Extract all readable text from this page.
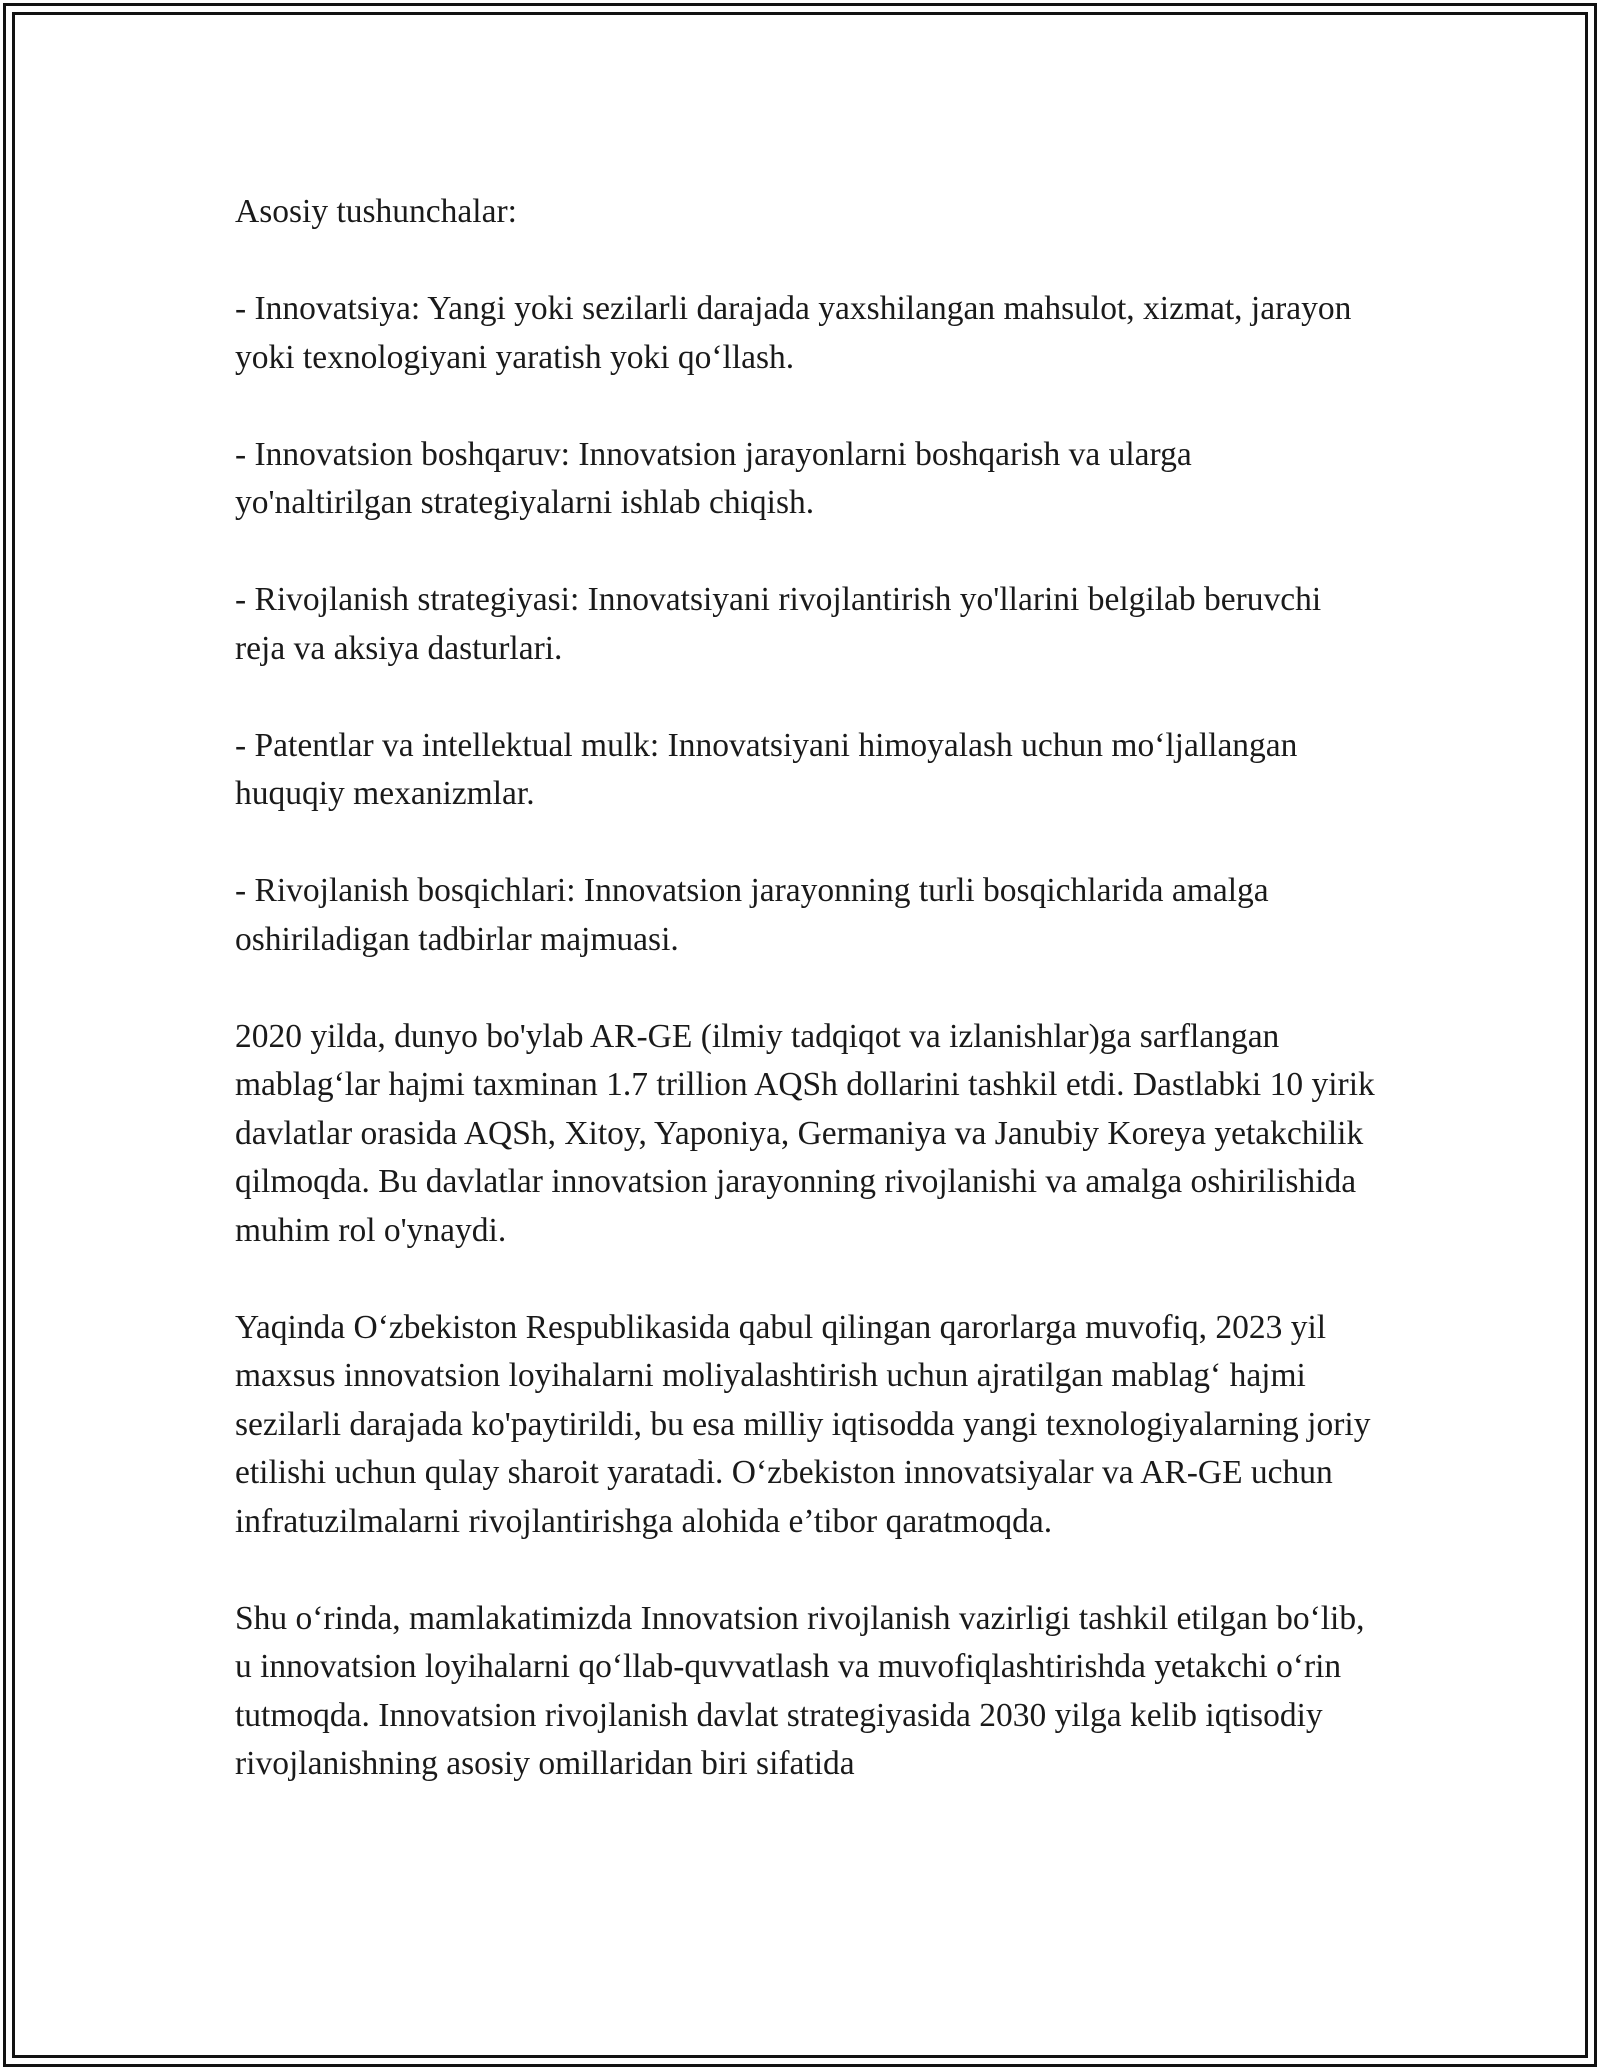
Asosiy tushunchalar:

- Innovatsiya: Yangi yoki sezilarli darajada yaxshilangan mahsulot, xizmat, jarayon yoki texnologiyani yaratish yoki qo‘llash.

- Innovatsion boshqaruv: Innovatsion jarayonlarni boshqarish va ularga yo'naltirilgan strategiyalarni ishlab chiqish.

- Rivojlanish strategiyasi: Innovatsiyani rivojlantirish yo'llarini belgilab beruvchi reja va aksiya dasturlari.

- Patentlar va intellektual mulk: Innovatsiyani himoyalash uchun mo‘ljallangan huquqiy mexanizmlar.

- Rivojlanish bosqichlari: Innovatsion jarayonning turli bosqichlarida amalga oshiriladigan tadbirlar majmuasi.

2020 yilda, dunyo bo'ylab AR-GE (ilmiy tadqiqot va izlanishlar)ga sarflangan mablag‘lar hajmi taxminan 1.7 trillion AQSh dollarini tashkil etdi. Dastlabki 10 yirik davlatlar orasida AQSh, Xitoy, Yaponiya, Germaniya va Janubiy Koreya yetakchilik qilmoqda. Bu davlatlar innovatsion jarayonning rivojlanishi va amalga oshirilishida muhim rol o'ynaydi.

Yaqinda O‘zbekiston Respublikasida qabul qilingan qarorlarga muvofiq, 2023 yil maxsus innovatsion loyihalarni moliyalashtirish uchun ajratilgan mablag‘ hajmi sezilarli darajada ko'paytirildi, bu esa milliy iqtisodda yangi texnologiyalarning joriy etilishi uchun qulay sharoit yaratadi. O‘zbekiston innovatsiyalar va AR-GE uchun infratuzilmalarni rivojlantirishga alohida e’tibor qaratmoqda.

Shu o‘rinda, mamlakatimizda Innovatsion rivojlanish vazirligi tashkil etilgan bo‘lib, u innovatsion loyihalarni qo‘llab-quvvatlash va muvofiqlashtirishda yetakchi o‘rin tutmoqda. Innovatsion rivojlanish davlat strategiyasida 2030 yilga kelib iqtisodiy rivojlanishning asosiy omillaridan biri sifatida
